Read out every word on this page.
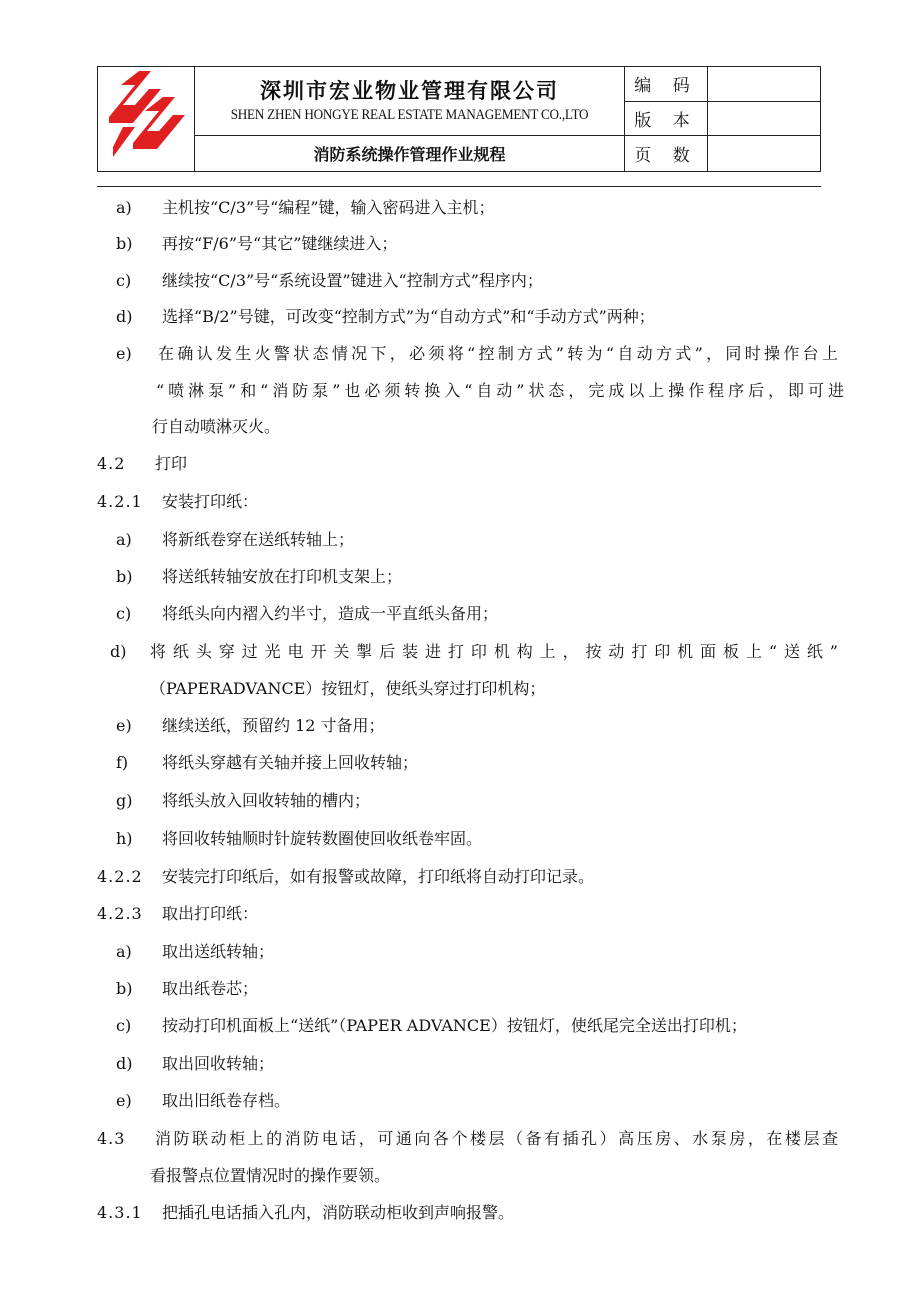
深圳市宏业物业管理有限公司
SHEN ZHEN HONGYE REAL ESTATE MANAGEMENT CO.,LTO	编 码	
		版 本	
	消防系统操作管理作业规程	页 数	
a) 主机按“C/3”号“编程”键，输入密码进入主机；
b) 再按“F/6”号“其它”键继续进入；
c) 继续按“C/3”号“系统设置”键进入“控制方式”程序内；
d) 选择“B/2”号键，可改变“控制方式”为“自动方式”和“手动方式”两种；
e) 在确认发生火警状态情况下，必须将“控制方式”转为“自动方式”，同时操作台上
“喷淋泵”和“消防泵”也必须转换入“自动”状态，完成以上操作程序后，即可进
行自动喷淋灭火。
4.2 打印
4.2.1 安装打印纸：
a) 将新纸卷穿在送纸转轴上；
b) 将送纸转轴安放在打印机支架上；
c) 将纸头向内褶入约半寸，造成一平直纸头备用；
d) 将纸头穿过光电开关掣后装进打印机构上，按动打印机面板上“送纸”
（PAPERADVANCE）按钮灯，使纸头穿过打印机构；
e) 继续送纸，预留约 12 寸备用；
f) 将纸头穿越有关轴并接上回收转轴；
g) 将纸头放入回收转轴的槽内；
h) 将回收转轴顺时针旋转数圈使回收纸卷牢固。
4.2.2 安装完打印纸后，如有报警或故障，打印纸将自动打印记录。
4.2.3 取出打印纸：
a) 取出送纸转轴；
b) 取出纸卷芯；
c) 按动打印机面板上“送纸”（PAPER ADVANCE）按钮灯，使纸尾完全送出打印机；
d) 取出回收转轴；
e) 取出旧纸卷存档。
4.3 消防联动柜上的消防电话，可通向各个楼层（备有插孔）高压房、水泵房，在楼层查
看报警点位置情况时的操作要领。
4.3.1 把插孔电话插入孔内，消防联动柜收到声响报警。
